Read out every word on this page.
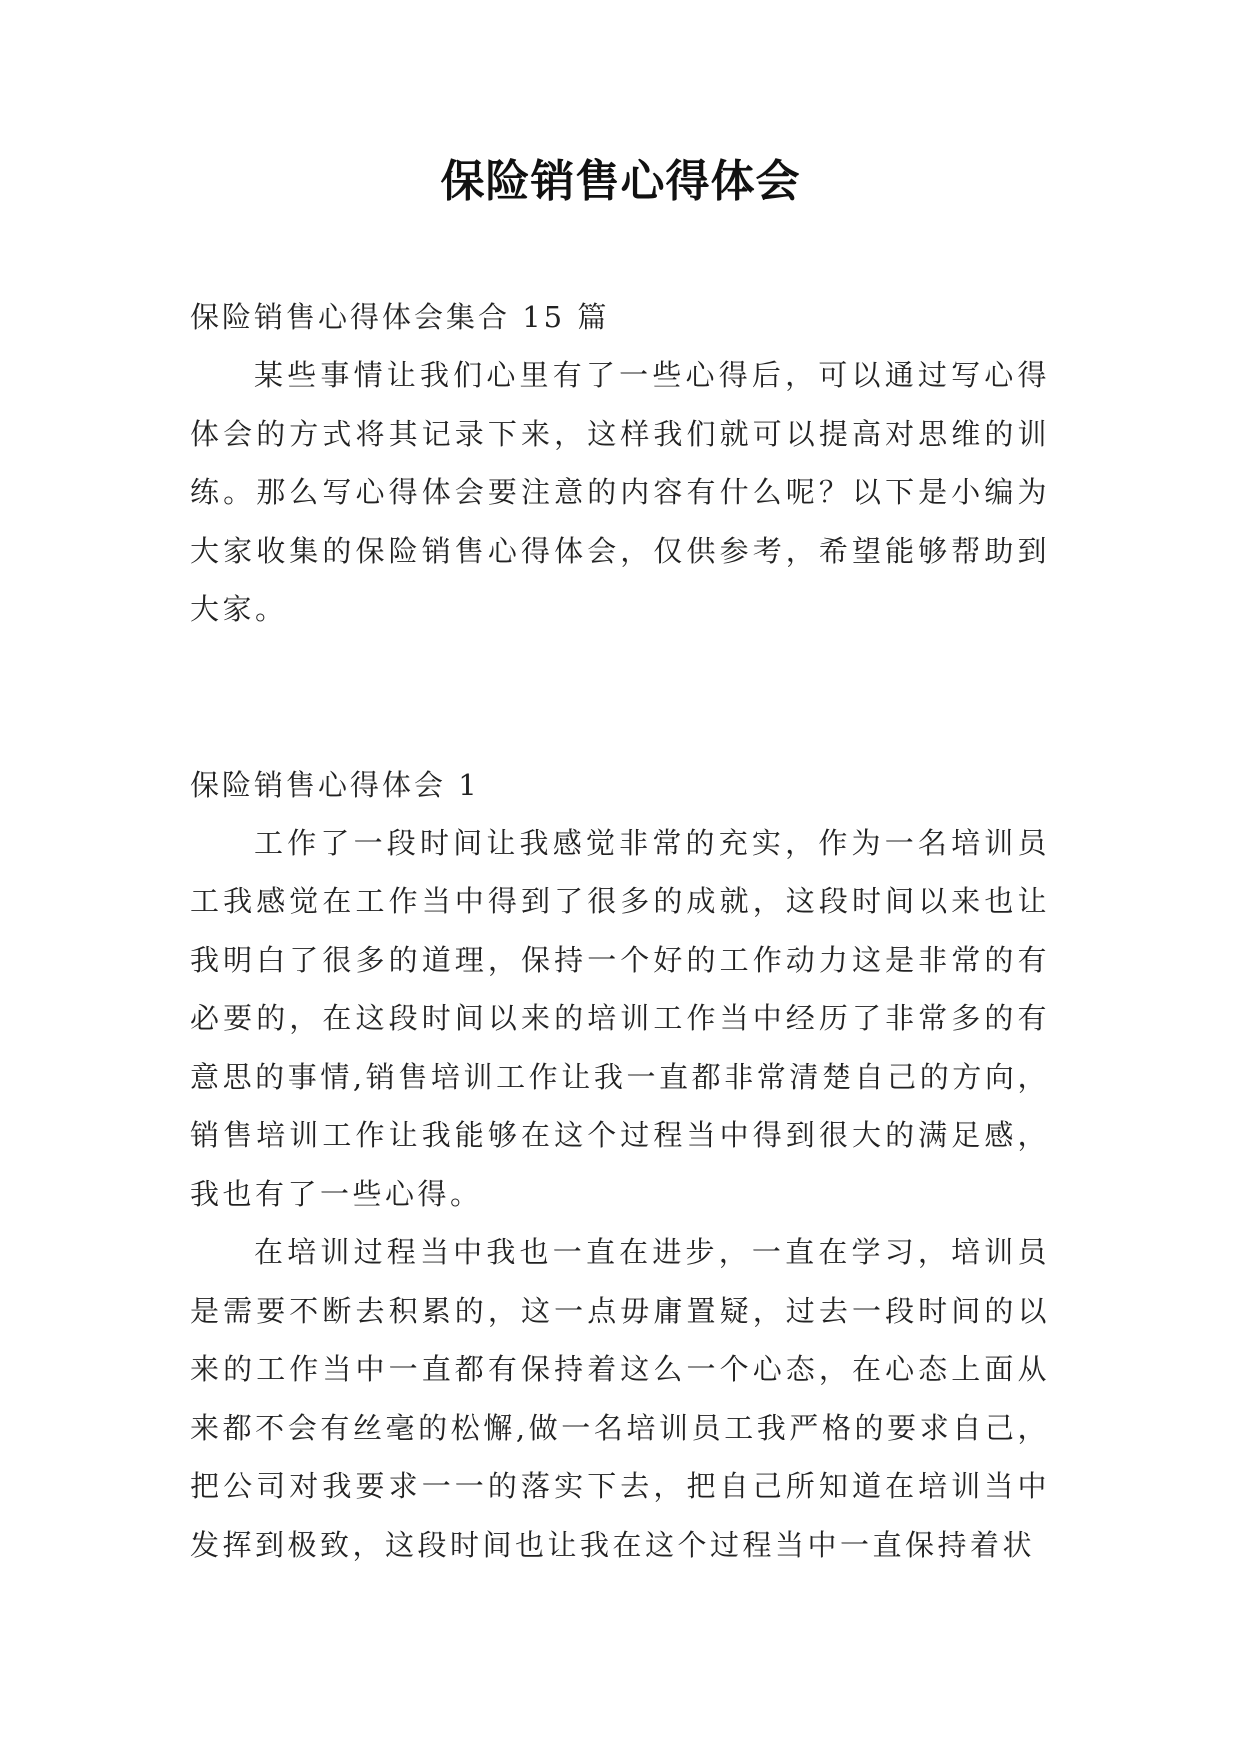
保险销售心得体会

保险销售心得体会集合 15 篇

某些事情让我们心里有了一些心得后，可以通过写心得体会的方式将其记录下来，这样我们就可以提高对思维的训练。那么写心得体会要注意的内容有什么呢？以下是小编为大家收集的保险销售心得体会，仅供参考，希望能够帮助到大家。

保险销售心得体会 1

工作了一段时间让我感觉非常的充实，作为一名培训员工我感觉在工作当中得到了很多的成就，这段时间以来也让我明白了很多的道理，保持一个好的工作动力这是非常的有必要的，在这段时间以来的培训工作当中经历了非常多的有意思的事情,销售培训工作让我一直都非常清楚自己的方向，销售培训工作让我能够在这个过程当中得到很大的满足感，我也有了一些心得。

在培训过程当中我也一直在进步，一直在学习，培训员是需要不断去积累的，这一点毋庸置疑，过去一段时间的以来的工作当中一直都有保持着这么一个心态，在心态上面从来都不会有丝毫的松懈,做一名培训员工我严格的要求自己，把公司对我要求一一的落实下去，把自己所知道在培训当中发挥到极致，这段时间也让我在这个过程当中一直保持着状
